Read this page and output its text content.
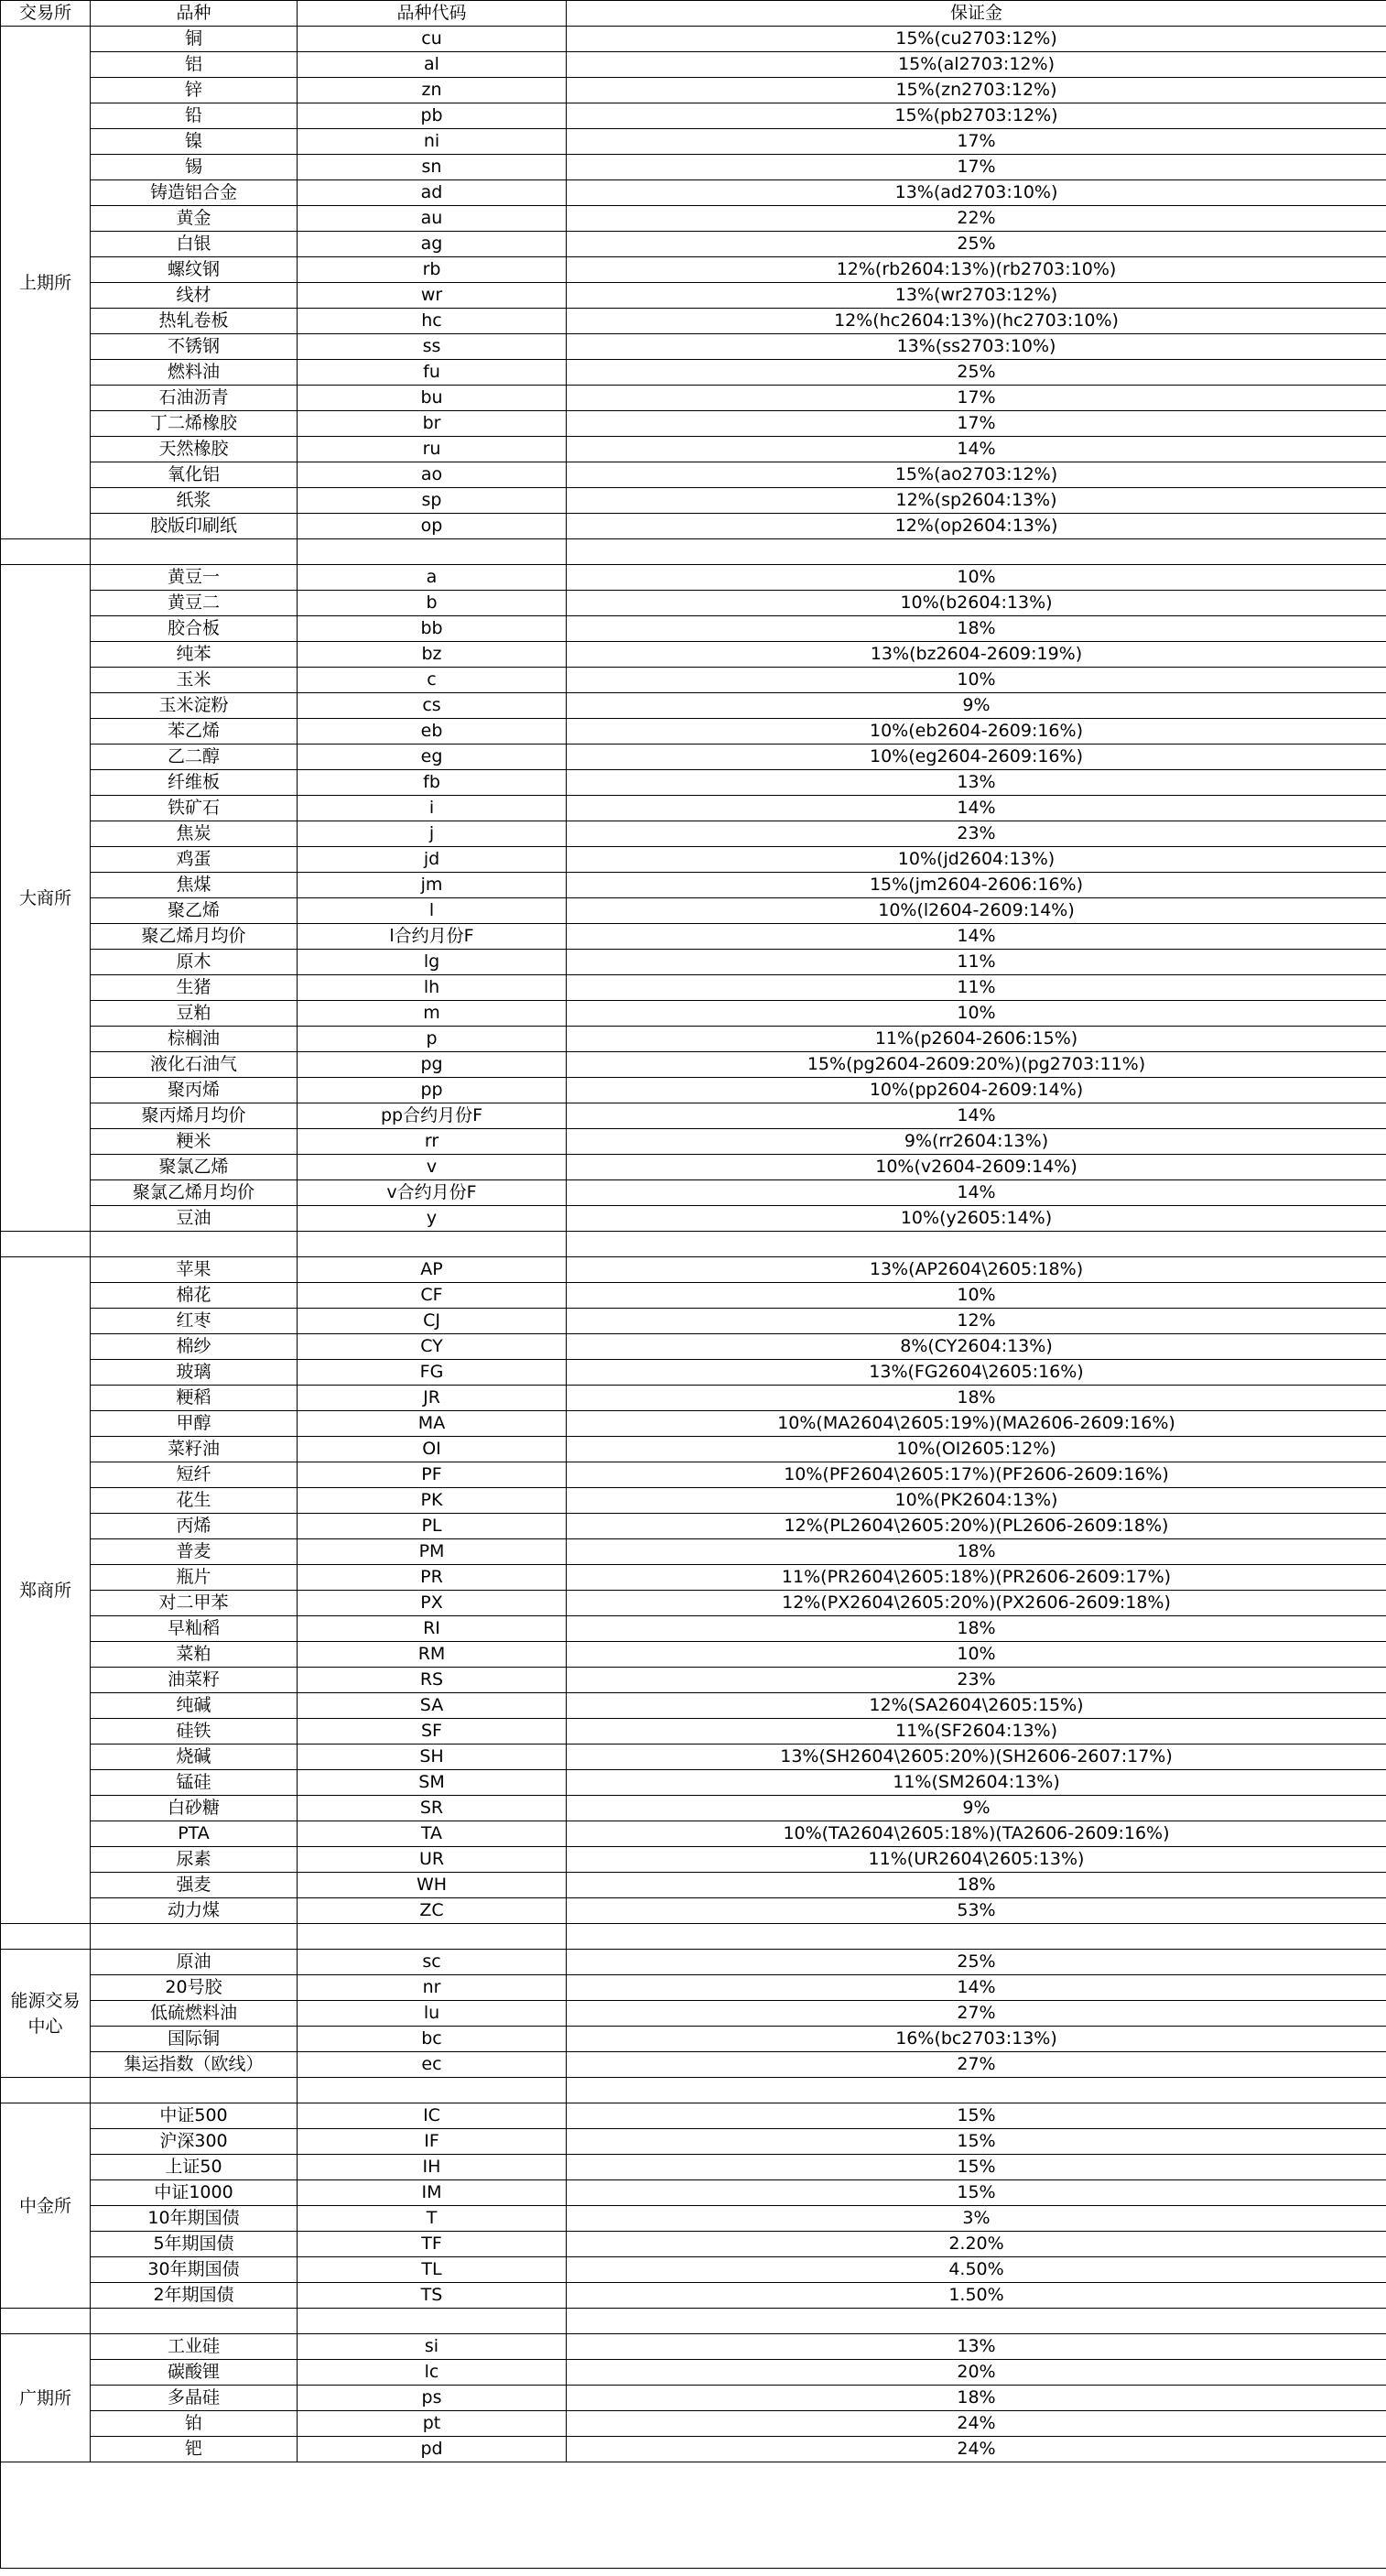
交易所	品种	品种代码	保证金
上期所	铜	cu	15%(cu2703:12%)
	铝	al	15%(al2703:12%)
	锌	zn	15%(zn2703:12%)
	铅	pb	15%(pb2703:12%)
	镍	ni	17%
	锡	sn	17%
	铸造铝合金	ad	13%(ad2703:10%)
	黄金	au	22%
	白银	ag	25%
	螺纹钢	rb	12%(rb2604:13%)(rb2703:10%)
	线材	wr	13%(wr2703:12%)
	热轧卷板	hc	12%(hc2604:13%)(hc2703:10%)
	不锈钢	ss	13%(ss2703:10%)
	燃料油	fu	25%
	石油沥青	bu	17%
	丁二烯橡胶	br	17%
	天然橡胶	ru	14%
	氧化铝	ao	15%(ao2703:12%)
	纸浆	sp	12%(sp2604:13%)
	胶版印刷纸	op	12%(op2604:13%)

大商所	黄豆一	a	10%
	黄豆二	b	10%(b2604:13%)
	胶合板	bb	18%
	纯苯	bz	13%(bz2604-2609:19%)
	玉米	c	10%
	玉米淀粉	cs	9%
	苯乙烯	eb	10%(eb2604-2609:16%)
	乙二醇	eg	10%(eg2604-2609:16%)
	纤维板	fb	13%
	铁矿石	i	14%
	焦炭	j	23%
	鸡蛋	jd	10%(jd2604:13%)
	焦煤	jm	15%(jm2604-2606:16%)
	聚乙烯	l	10%(l2604-2609:14%)
	聚乙烯月均价	l合约月份F	14%
	原木	lg	11%
	生猪	lh	11%
	豆粕	m	10%
	棕榈油	p	11%(p2604-2606:15%)
	液化石油气	pg	15%(pg2604-2609:20%)(pg2703:11%)
	聚丙烯	pp	10%(pp2604-2609:14%)
	聚丙烯月均价	pp合约月份F	14%
	粳米	rr	9%(rr2604:13%)
	聚氯乙烯	v	10%(v2604-2609:14%)
	聚氯乙烯月均价	v合约月份F	14%
	豆油	y	10%(y2605:14%)

郑商所	苹果	AP	13%(AP2604\2605:18%)
	棉花	CF	10%
	红枣	CJ	12%
	棉纱	CY	8%(CY2604:13%)
	玻璃	FG	13%(FG2604\2605:16%)
	粳稻	JR	18%
	甲醇	MA	10%(MA2604\2605:19%)(MA2606-2609:16%)
	菜籽油	OI	10%(OI2605:12%)
	短纤	PF	10%(PF2604\2605:17%)(PF2606-2609:16%)
	花生	PK	10%(PK2604:13%)
	丙烯	PL	12%(PL2604\2605:20%)(PL2606-2609:18%)
	普麦	PM	18%
	瓶片	PR	11%(PR2604\2605:18%)(PR2606-2609:17%)
	对二甲苯	PX	12%(PX2604\2605:20%)(PX2606-2609:18%)
	早籼稻	RI	18%
	菜粕	RM	10%
	油菜籽	RS	23%
	纯碱	SA	12%(SA2604\2605:15%)
	硅铁	SF	11%(SF2604:13%)
	烧碱	SH	13%(SH2604\2605:20%)(SH2606-2607:17%)
	锰硅	SM	11%(SM2604:13%)
	白砂糖	SR	9%
	PTA	TA	10%(TA2604\2605:18%)(TA2606-2609:16%)
	尿素	UR	11%(UR2604\2605:13%)
	强麦	WH	18%
	动力煤	ZC	53%

能源交易中心	原油	sc	25%
	20号胶	nr	14%
	低硫燃料油	lu	27%
	国际铜	bc	16%(bc2703:13%)
	集运指数（欧线）	ec	27%

中金所	中证500	IC	15%
	沪深300	IF	15%
	上证50	IH	15%
	中证1000	IM	15%
	10年期国债	T	3%
	5年期国债	TF	2.20%
	30年期国债	TL	4.50%
	2年期国债	TS	1.50%

广期所	工业硅	si	13%
	碳酸锂	lc	20%
	多晶硅	ps	18%
	铂	pt	24%
	钯	pd	24%
